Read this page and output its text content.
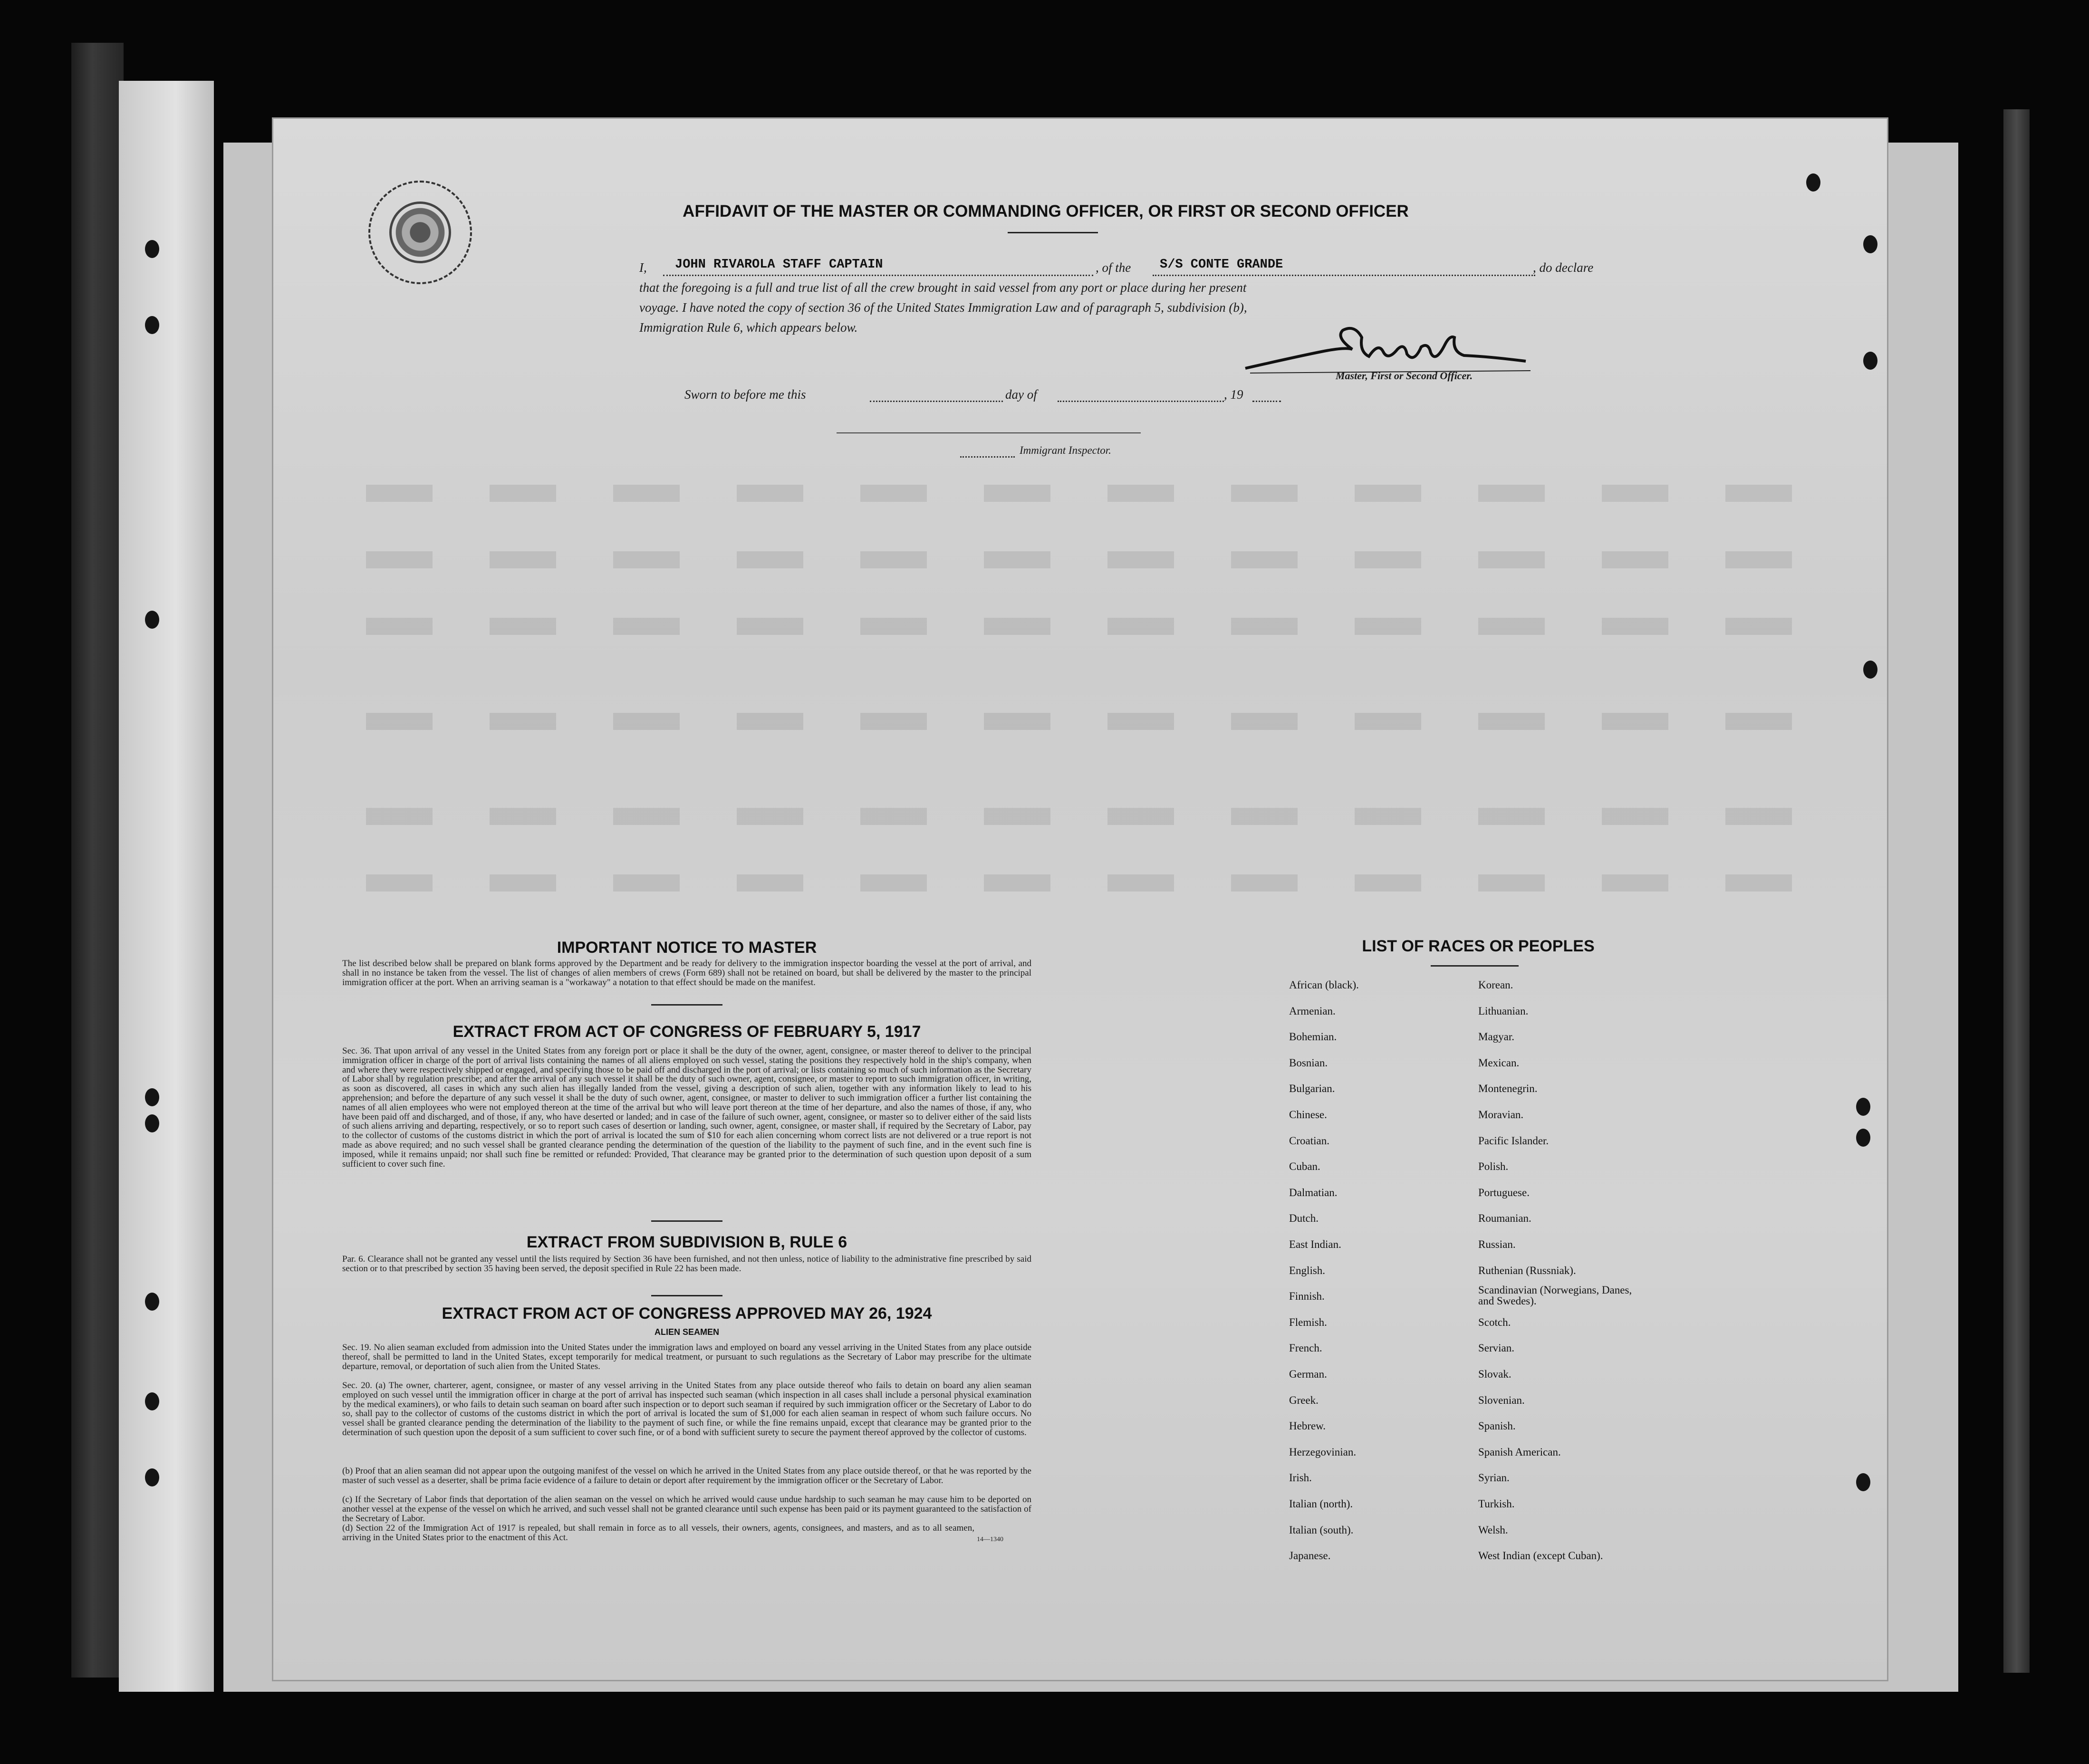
AFFIDAVIT OF THE MASTER OR COMMANDING OFFICER, OR FIRST OR SECOND OFFICER
I, JOHN RIVAROLA STAFF CAPTAIN	, of the S/S CONTE GRANDE	, do declare
that the foregoing is a full and true list of all the crew brought in said vessel from any port or place during her present
voyage. I have noted the copy of section 36 of the United States Immigration Law and of paragraph 5, subdivision (b),
Immigration Rule 6, which appears below.
Master, First or Second Officer.
Sworn to before me this	day of	, 19
Immigrant Inspector.
IMPORTANT NOTICE TO MASTER
The list described below shall be prepared on blank forms approved by the Department and be ready for delivery to the immigration inspector boarding the vessel at the port of arrival, and shall in no instance be taken from the vessel. The list of changes of alien members of crews (Form 689) shall not be retained on board, but shall be delivered by the master to the principal immigration officer at the port. When an arriving seaman is a "workaway" a notation to that effect should be made on the manifest.
EXTRACT FROM ACT OF CONGRESS OF FEBRUARY 5, 1917
Sec. 36. That upon arrival of any vessel in the United States from any foreign port or place it shall be the duty of the owner, agent, consignee, or master thereof to deliver to the principal immigration officer in charge of the port of arrival lists containing the names of all aliens employed on such vessel, stating the positions they respectively hold in the ship's company, when and where they were respectively shipped or engaged, and specifying those to be paid off and discharged in the port of arrival; or lists containing so much of such information as the Secretary of Labor shall by regulation prescribe; and after the arrival of any such vessel it shall be the duty of such owner, agent, consignee, or master to report to such immigration officer, in writing, as soon as discovered, all cases in which any such alien has illegally landed from the vessel, giving a description of such alien, together with any information likely to lead to his apprehension; and before the departure of any such vessel it shall be the duty of such owner, agent, consignee, or master to deliver to such immigration officer a further list containing the names of all alien employees who were not employed thereon at the time of the arrival but who will leave port thereon at the time of her departure, and also the names of those, if any, who have been paid off and discharged, and of those, if any, who have deserted or landed; and in case of the failure of such owner, agent, consignee, or master so to deliver either of the said lists of such aliens arriving and departing, respectively, or so to report such cases of desertion or landing, such owner, agent, consignee, or master shall, if required by the Secretary of Labor, pay to the collector of customs of the customs district in which the port of arrival is located the sum of $10 for each alien concerning whom correct lists are not delivered or a true report is not made as above required; and no such vessel shall be granted clearance pending the determination of the question of the liability to the payment of such fine, and in the event such fine is imposed, while it remains unpaid; nor shall such fine be remitted or refunded: Provided, That clearance may be granted prior to the determination of such question upon deposit of a sum sufficient to cover such fine.
EXTRACT FROM SUBDIVISION B, RULE 6
Par. 6. Clearance shall not be granted any vessel until the lists required by Section 36 have been furnished, and not then unless, notice of liability to the administrative fine prescribed by said section or to that prescribed by section 35 having been served, the deposit specified in Rule 22 has been made.
EXTRACT FROM ACT OF CONGRESS APPROVED MAY 26, 1924
ALIEN SEAMEN
Sec. 19. No alien seaman excluded from admission into the United States under the immigration laws and employed on board any vessel arriving in the United States from any place outside thereof, shall be permitted to land in the United States, except temporarily for medical treatment, or pursuant to such regulations as the Secretary of Labor may prescribe for the ultimate departure, removal, or deportation of such alien from the United States.
Sec. 20. (a) The owner, charterer, agent, consignee, or master of any vessel arriving in the United States from any place outside thereof who fails to detain on board any alien seaman employed on such vessel until the immigration officer in charge at the port of arrival has inspected such seaman (which inspection in all cases shall include a personal physical examination by the medical examiners), or who fails to detain such seaman on board after such inspection or to deport such seaman if required by such immigration officer or the Secretary of Labor to do so, shall pay to the collector of customs of the customs district in which the port of arrival is located the sum of $1,000 for each alien seaman in respect of whom such failure occurs. No vessel shall be granted clearance pending the determination of the liability to the payment of such fine, or while the fine remains unpaid, except that clearance may be granted prior to the determination of such question upon the deposit of a sum sufficient to cover such fine, or of a bond with sufficient surety to secure the payment thereof approved by the collector of customs.
(b) Proof that an alien seaman did not appear upon the outgoing manifest of the vessel on which he arrived in the United States from any place outside thereof, or that he was reported by the master of such vessel as a deserter, shall be prima facie evidence of a failure to detain or deport after requirement by the immigration officer or the Secretary of Labor.
(c) If the Secretary of Labor finds that deportation of the alien seaman on the vessel on which he arrived would cause undue hardship to such seaman he may cause him to be deported on another vessel at the expense of the vessel on which he arrived, and such vessel shall not be granted clearance until such expense has been paid or its payment guaranteed to the satisfaction of the Secretary of Labor.
(d) Section 22 of the Immigration Act of 1917 is repealed, but shall remain in force as to all vessels, their owners, agents, consignees, and masters, and as to all seamen, arriving in the United States prior to the enactment of this Act.	14—1340
LIST OF RACES OR PEOPLES
African (black).
Armenian.
Bohemian.
Bosnian.
Bulgarian.
Chinese.
Croatian.
Cuban.
Dalmatian.
Dutch.
East Indian.
English.
Finnish.
Flemish.
French.
German.
Greek.
Hebrew.
Herzegovinian.
Irish.
Italian (north).
Italian (south).
Japanese.
Korean.
Lithuanian.
Magyar.
Mexican.
Montenegrin.
Moravian.
Pacific Islander.
Polish.
Portuguese.
Roumanian.
Russian.
Ruthenian (Russniak).
Scandinavian (Norwegians, Danes, and Swedes).
Scotch.
Servian.
Slovak.
Slovenian.
Spanish.
Spanish American.
Syrian.
Turkish.
Welsh.
West Indian (except Cuban).
